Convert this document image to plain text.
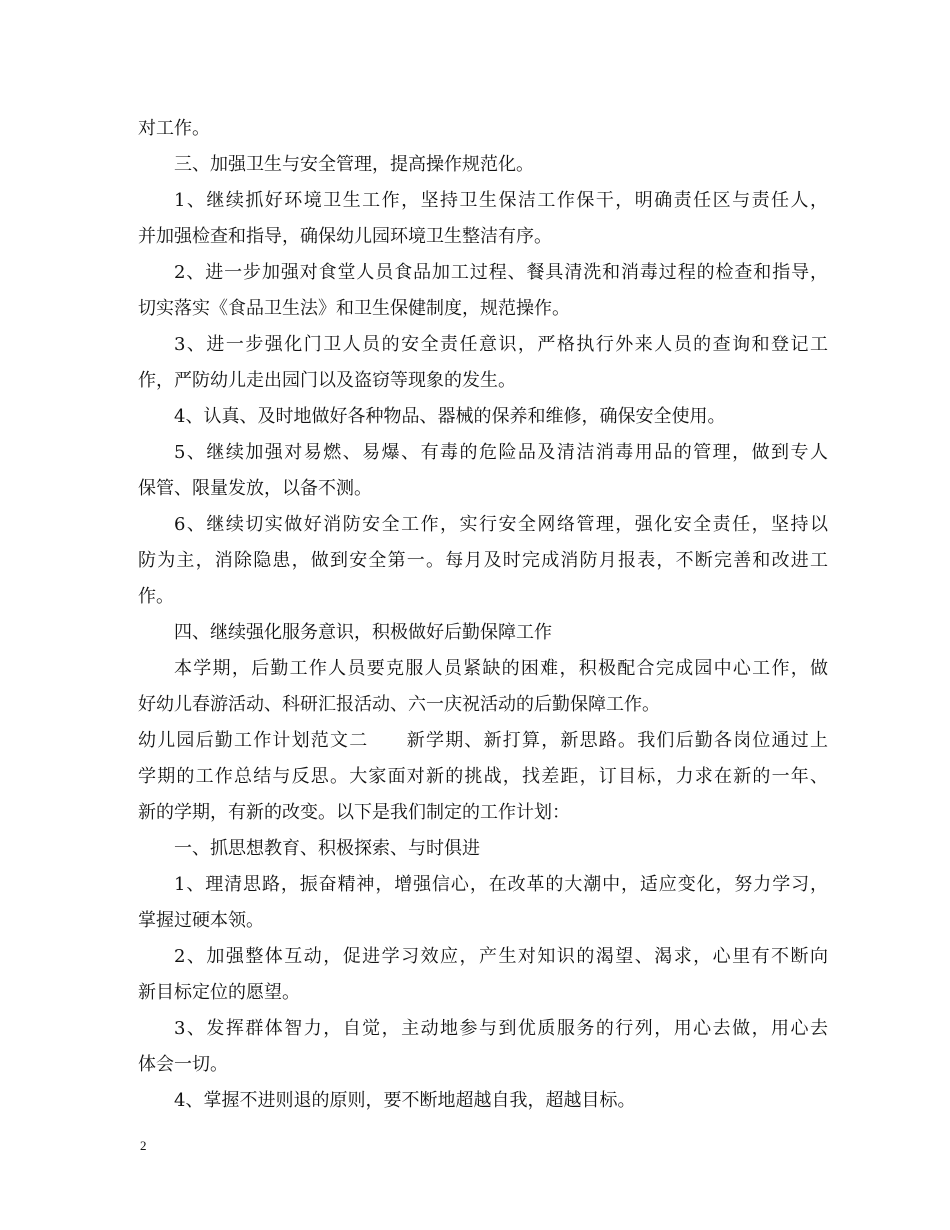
对工作。
三、加强卫生与安全管理，提高操作规范化。
1、继续抓好环境卫生工作，坚持卫生保洁工作保干，明确责任区与责任人，
并加强检查和指导，确保幼儿园环境卫生整洁有序。
2、进一步加强对食堂人员食品加工过程、餐具清洗和消毒过程的检查和指导，
切实落实《食品卫生法》和卫生保健制度，规范操作。
3、进一步强化门卫人员的安全责任意识，严格执行外来人员的查询和登记工
作，严防幼儿走出园门以及盗窃等现象的发生。
4、认真、及时地做好各种物品、器械的保养和维修，确保安全使用。
5、继续加强对易燃、易爆、有毒的危险品及清洁消毒用品的管理，做到专人
保管、限量发放，以备不测。
6、继续切实做好消防安全工作，实行安全网络管理，强化安全责任，坚持以
防为主，消除隐患，做到安全第一。每月及时完成消防月报表，不断完善和改进工
作。
四、继续强化服务意识，积极做好后勤保障工作
本学期，后勤工作人员要克服人员紧缺的困难，积极配合完成园中心工作，做
好幼儿春游活动、科研汇报活动、六一庆祝活动的后勤保障工作。
幼儿园后勤工作计划范文二　　新学期、新打算，新思路。我们后勤各岗位通过上
学期的工作总结与反思。大家面对新的挑战，找差距，订目标，力求在新的一年、
新的学期，有新的改变。以下是我们制定的工作计划：
一、抓思想教育、积极探索、与时俱进
1、理清思路，振奋精神，增强信心，在改革的大潮中，适应变化，努力学习，
掌握过硬本领。
2、加强整体互动，促进学习效应，产生对知识的渴望、渴求，心里有不断向
新目标定位的愿望。
3、发挥群体智力，自觉，主动地参与到优质服务的行列，用心去做，用心去
体会一切。
4、掌握不进则退的原则，要不断地超越自我，超越目标。
2
